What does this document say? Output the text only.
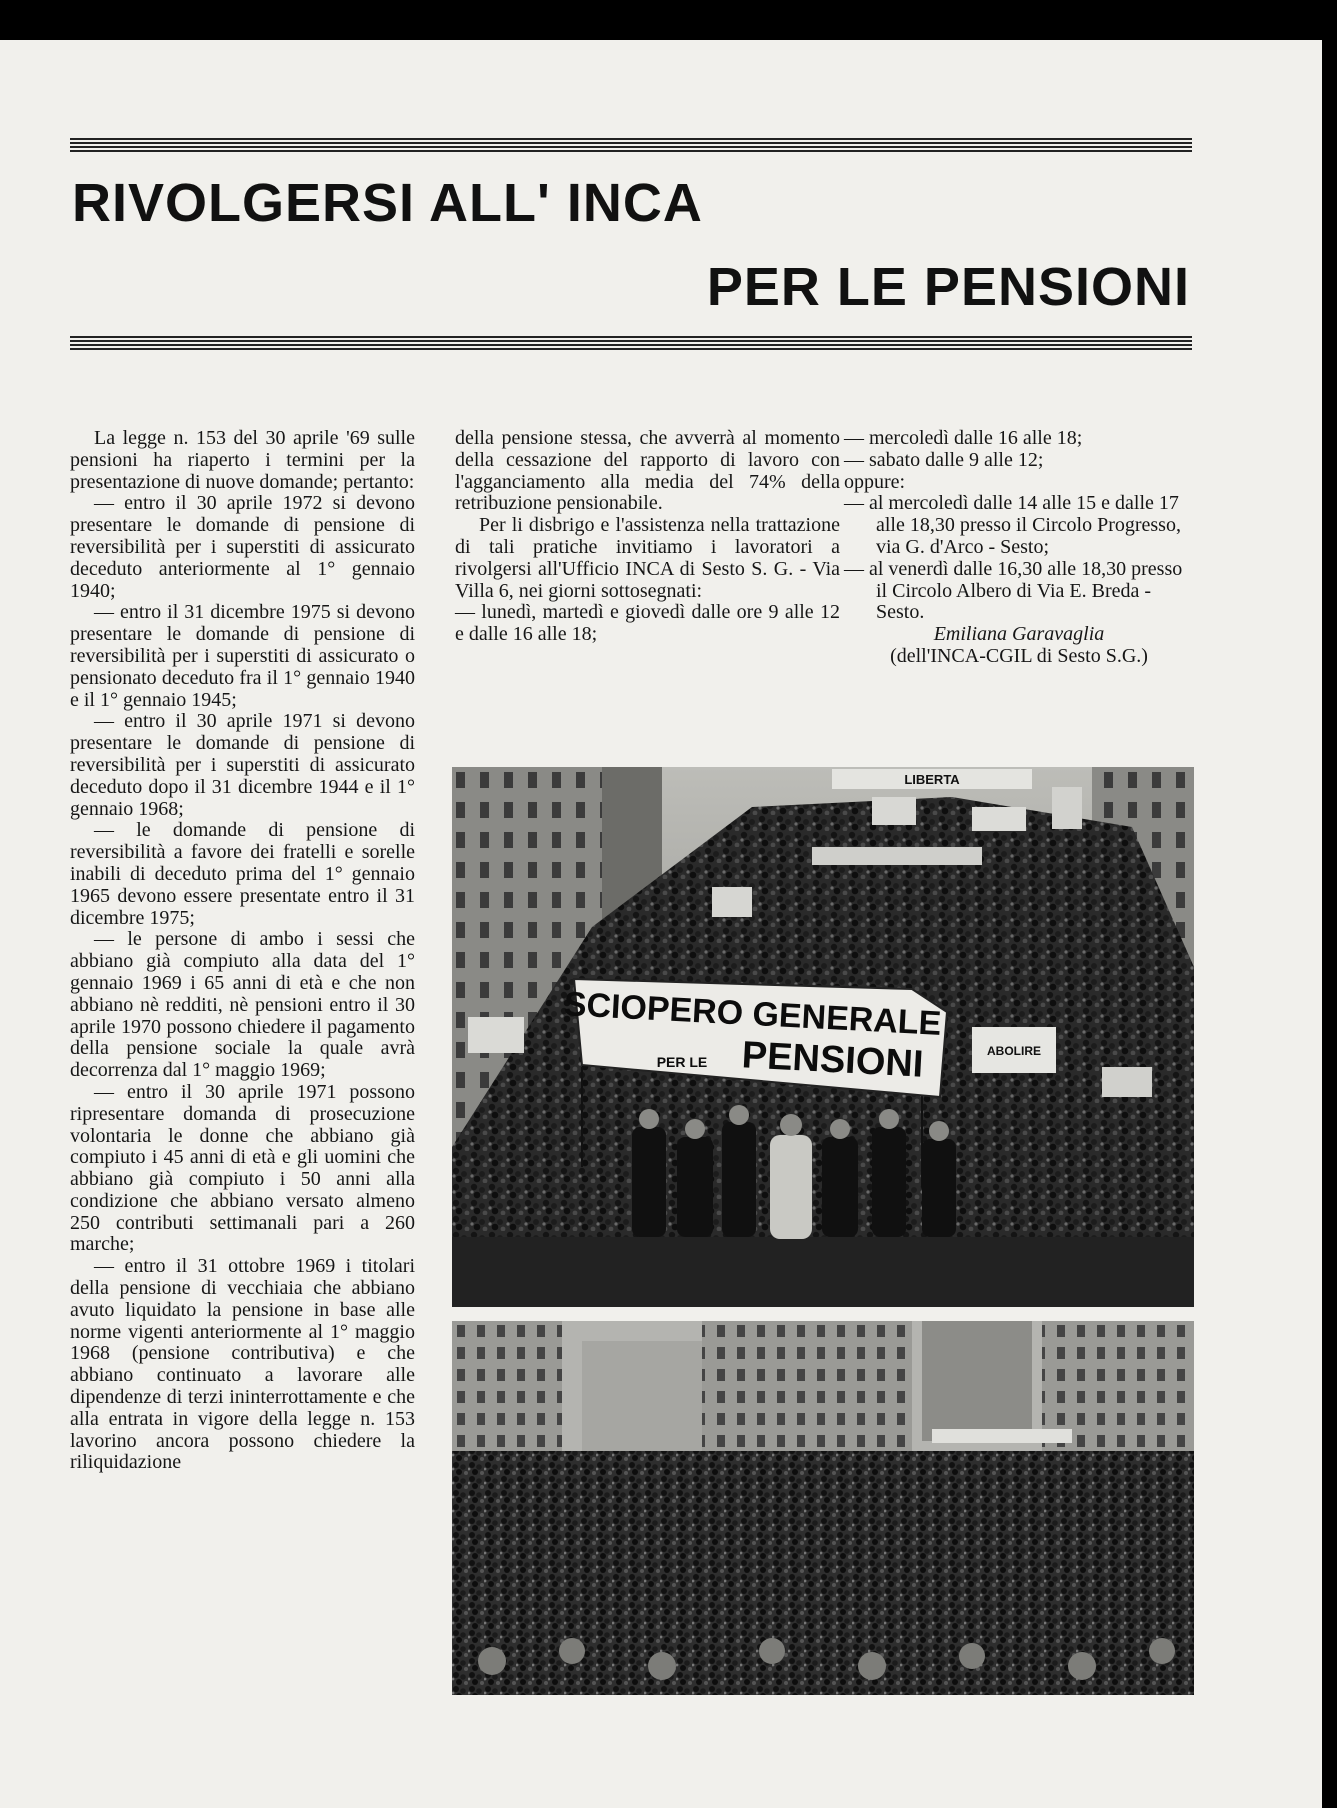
RIVOLGERSI ALL' INCA
PER LE PENSIONI

La legge n. 153 del 30 aprile '69 sulle pensioni ha riaperto i termini per la presentazione di nuove domande; pertanto:

— entro il 30 aprile 1972 si devono presentare le domande di pensione di reversibilità per i superstiti di assicurato deceduto anteriormente al 1° gennaio 1940;

— entro il 31 dicembre 1975 si devono presentare le domande di pensione di reversibilità per i superstiti di assicurato o pensionato deceduto fra il 1° gennaio 1940 e il 1° gennaio 1945;

— entro il 30 aprile 1971 si devono presentare le domande di pensione di reversibilità per i superstiti di assicurato deceduto dopo il 31 dicembre 1944 e il 1° gennaio 1968;

— le domande di pensione di reversibilità a favore dei fratelli e sorelle inabili di deceduto prima del 1° gennaio 1965 devono essere presentate entro il 31 dicembre 1975;

— le persone di ambo i sessi che abbiano già compiuto alla data del 1° gennaio 1969 i 65 anni di età e che non abbiano nè redditi, nè pensioni entro il 30 aprile 1970 possono chiedere il pagamento della pensione sociale la quale avrà decorrenza dal 1° maggio 1969;

— entro il 30 aprile 1971 possono ripresentare domanda di prosecuzione volontaria le donne che abbiano già compiuto i 45 anni di età e gli uomini che abbiano già compiuto i 50 anni alla condizione che abbiano versato almeno 250 contributi settimanali pari a 260 marche;

— entro il 31 ottobre 1969 i titolari della pensione di vecchiaia che abbiano avuto liquidato la pensione in base alle norme vigenti anteriormente al 1° maggio 1968 (pensione contributiva) e che abbiano continuato a lavorare alle dipendenze di terzi ininterrottamente e che alla entrata in vigore della legge n. 153 lavorino ancora possono chiedere la riliquidazione

della pensione stessa, che avverrà al momento della cessazione del rapporto di lavoro con l'agganciamento alla media del 74% della retribuzione pensionabile.

Per li disbrigo e l'assistenza nella trattazione di tali pratiche invitiamo i lavoratori a rivolgersi all'Ufficio INCA di Sesto S. G. - Via Villa 6, nei giorni sottosegnati:

— lunedì, martedì e giovedì dalle ore 9 alle 12 e dalle 16 alle 18;

— mercoledì dalle 16 alle 18;

— sabato dalle 9 alle 12;

oppure:

— al mercoledì dalle 14 alle 15 e dalle 17 alle 18,30 presso il Circolo Progresso, via G. d'Arco - Sesto;

— al venerdì dalle 16,30 alle 18,30 presso il Circolo Albero di Via E. Breda - Sesto.

Emiliana Garavaglia

(dell'INCA-CGIL di Sesto S.G.)

LIBERTA
ABOLIRE
SCIOPERO GENERALE
PER LE PENSIONI
